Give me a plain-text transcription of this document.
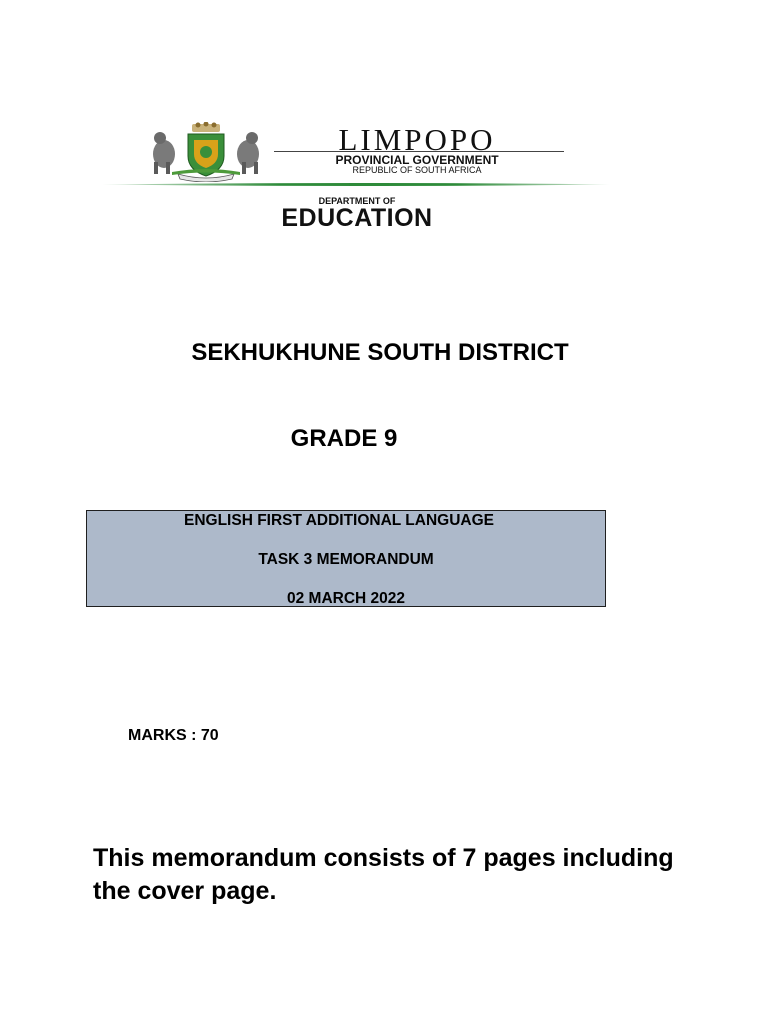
LIMPOPO
PROVINCIAL GOVERNMENT
REPUBLIC OF SOUTH AFRICA
DEPARTMENT OF
EDUCATION
SEKHUKHUNE SOUTH DISTRICT
GRADE 9
ENGLISH FIRST ADDITIONAL LANGUAGE
TASK 3 MEMORANDUM
02 MARCH 2022
MARKS : 70
This memorandum consists of 7 pages including the cover page.
